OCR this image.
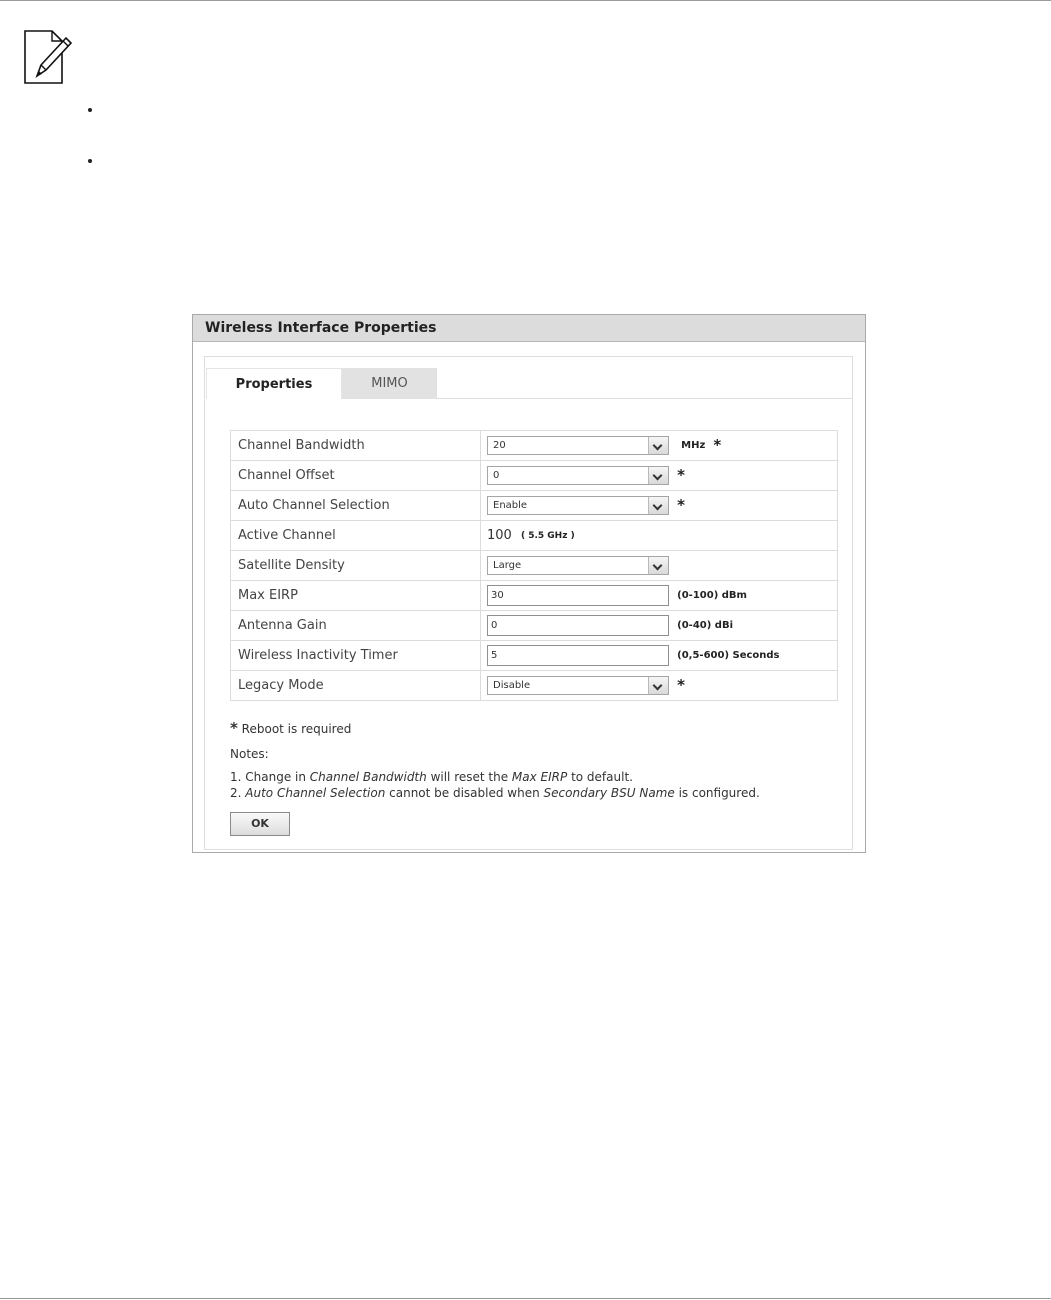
Wireless Interface Properties
Properties	MIMO
Channel Bandwidth	20 MHz *
Channel Offset	0 *
Auto Channel Selection	Enable *
Active Channel	100 ( 5.5 GHz )
Satellite Density	Large

Max EIRP	30 (0-100) dBm
Antenna Gain	0 (0-40) dBi
Wireless Inactivity Timer	5 (0,5-600) Seconds
Legacy Mode	Disable *
* Reboot is required
Notes:
1. Change in Channel Bandwidth will reset the Max EIRP to default.
2. Auto Channel Selection cannot be disabled when Secondary BSU Name is configured.
OK
